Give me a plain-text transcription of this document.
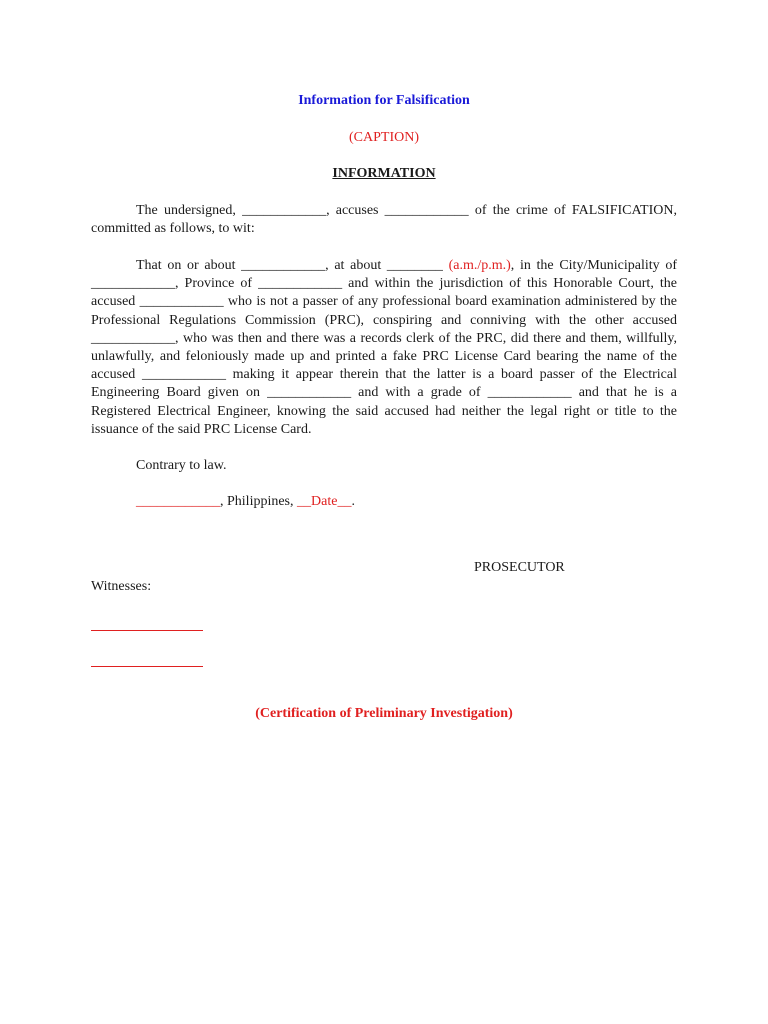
Information for Falsification
(CAPTION)
INFORMATION

The undersigned, ____________, accuses ____________ of the crime of FALSIFICATION, committed as follows, to wit:

That on or about ____________, at about ________ (a.m./p.m.), in the City/Municipality of ____________, Province of ____________ and within the jurisdiction of this Honorable Court, the accused ____________ who is not a passer of any professional board examination administered by the Professional Regulations Commission (PRC), conspiring and conniving with the other accused ____________, who was then and there was a records clerk of the PRC, did there and them, willfully, unlawfully, and feloniously made up and printed a fake PRC License Card bearing the name of the accused ____________ making it appear therein that the latter is a board passer of the Electrical Engineering Board given on ____________ and with a grade of ____________ and that he is a Registered Electrical Engineer, knowing the said accused had neither the legal right or title to the issuance of the said PRC License Card.

Contrary to law.

____________, Philippines, __Date__.

PROSECUTOR
Witnesses:
(Certification of Preliminary Investigation)
